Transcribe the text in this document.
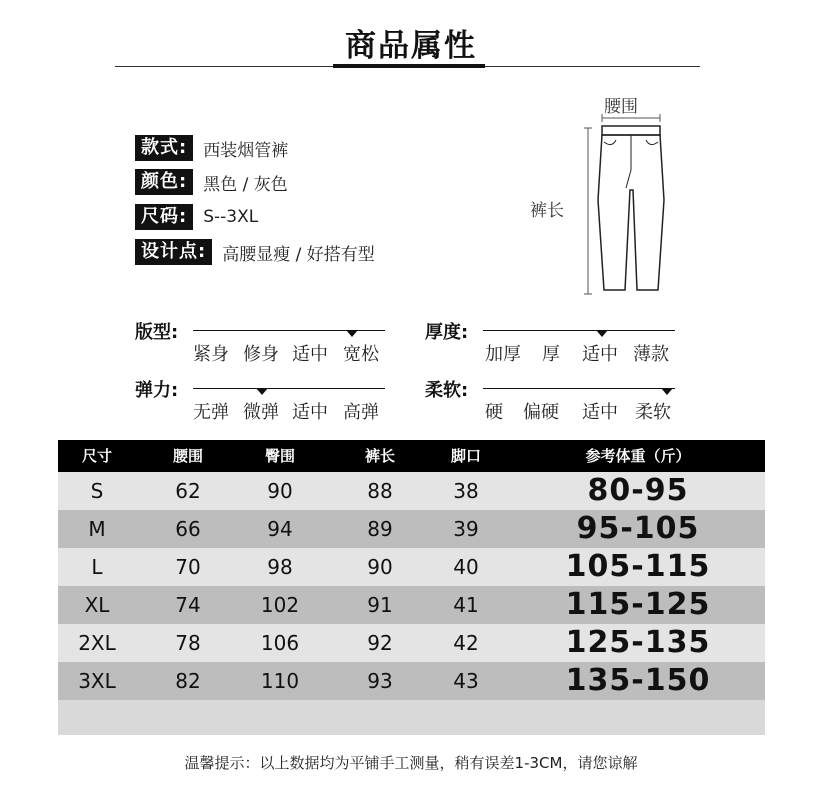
商品属性
款式: 西装烟管裤
颜色: 黑色 / 灰色
尺码: S--3XL
设计点: 高腰显瘦 / 好搭有型
腰围
裤长
版型:
紧身 修身 适中 宽松
厚度:
加厚 厚 适中 薄款
弹力:
无弹 微弹 适中 高弹
柔软:
硬 偏硬 适中 柔软
尺寸	腰围	臀围	裤长	脚口	参考体重（斤）
S	62	90	88	38	80-95
M	66	94	89	39	95-105
L	70	98	90	40	105-115
XL	74	102	91	41	115-125
2XL	78	106	92	42	125-135
3XL	82	110	93	43	135-150
温馨提示：以上数据均为平铺手工测量，稍有误差1-3CM，请您谅解
